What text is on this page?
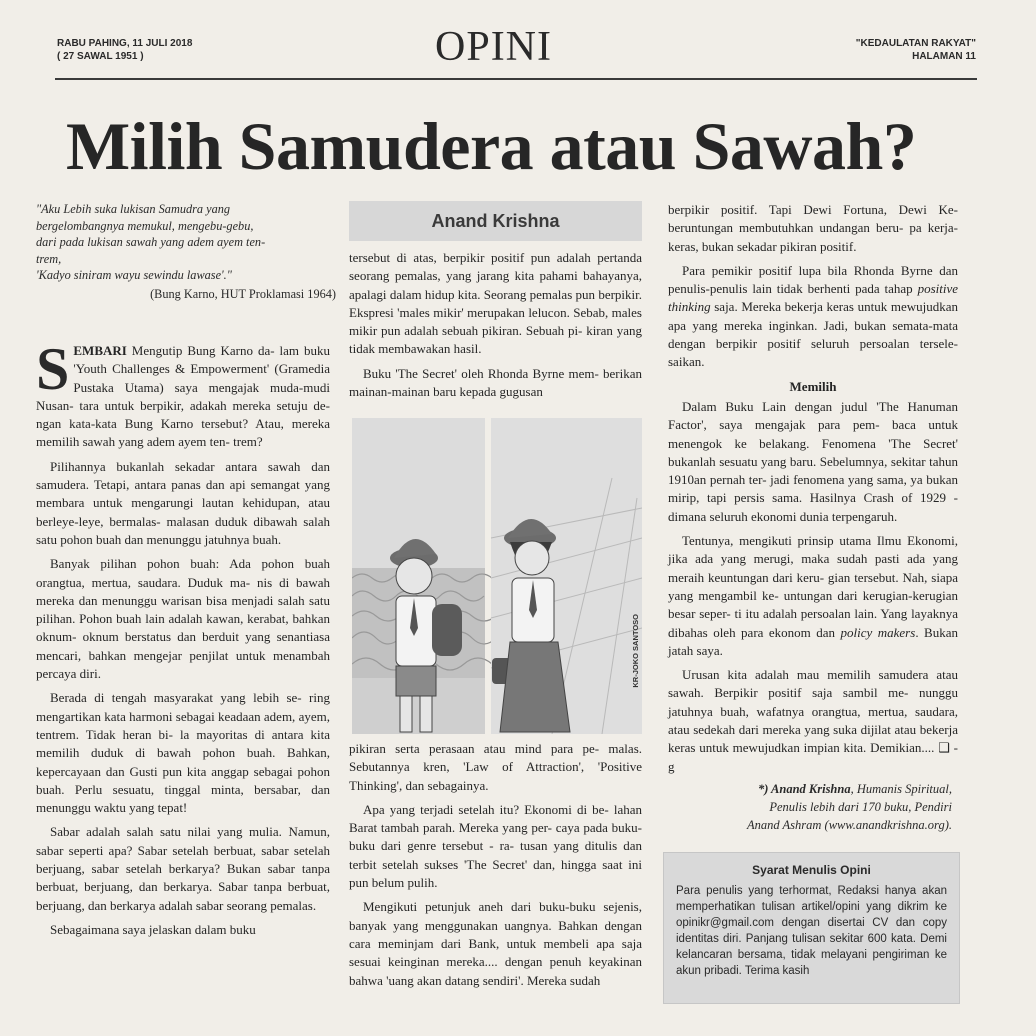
RABU PAHING, 11 JULI 2018
( 27 SAWAL 1951 )	OPINI	"KEDAULATAN RAKYAT"
HALAMAN 11
Milih Samudera atau Sawah?
"Aku Lebih suka lukisan Samudra yang
bergelombangnya memukul, mengebu-gebu,
dari pada lukisan sawah yang adem ayem ten-
trem,
'Kadyo siniram wayu sewindu lawase'."
(Bung Karno, HUT Proklamasi 1964)

SEMBARI Mengutip Bung Karno da- lam buku 'Youth Challenges & Empowerment' (Gramedia Pustaka Utama) saya mengajak muda-mudi Nusan- tara untuk berpikir, adakah mereka setuju de- ngan kata-kata Bung Karno tersebut? Atau, mereka memilih sawah yang adem ayem ten- trem?

Pilihannya bukanlah sekadar antara sawah dan samudera. Tetapi, antara panas dan api semangat yang membara untuk mengarungi lautan kehidupan, atau berleye-leye, bermalas- malasan duduk dibawah salah satu pohon buah dan menunggu jatuhnya buah.

Banyak pilihan pohon buah: Ada pohon buah orangtua, mertua, saudara. Duduk ma- nis di bawah mereka dan menunggu warisan bisa menjadi salah satu pilihan. Pohon buah lain adalah kawan, kerabat, bahkan oknum- oknum berstatus dan berduit yang senantiasa mencari, bahkan mengejar penjilat untuk menambah percaya diri.

Berada di tengah masyarakat yang lebih se- ring mengartikan kata harmoni sebagai keadaan adem, ayem, tentrem. Tidak heran bi- la mayoritas di antara kita memilih duduk di bawah pohon buah. Bahkan, kepercayaan dan Gusti pun kita anggap sebagai pohon buah. Perlu sesuatu, tinggal minta, bersabar, dan menunggu waktu yang tepat!

Sabar adalah salah satu nilai yang mulia. Namun, sabar seperti apa? Sabar setelah berbuat, sabar setelah berjuang, sabar setelah berkarya? Bukan sabar tanpa berbuat, berjuang, dan berkarya. Sabar tanpa berbuat, berjuang, dan berkarya adalah sabar seorang pemalas.

Sebagaimana saya jelaskan dalam buku

Anand Krishna

tersebut di atas, berpikir positif pun adalah pertanda seorang pemalas, yang jarang kita pahami bahayanya, apalagi dalam hidup kita. Seorang pemalas pun berpikir. Ekspresi 'males mikir' merupakan lelucon. Sebab, males mikir pun adalah sebuah pikiran. Sebuah pi- kiran yang tidak membawakan hasil.

Buku 'The Secret' oleh Rhonda Byrne mem- berikan mainan-mainan baru kepada gugusan

KR-JOKO SANTOSO

pikiran serta perasaan atau mind para pe- malas. Sebutannya kren, 'Law of Attraction', 'Positive Thinking', dan sebagainya.

Apa yang terjadi setelah itu? Ekonomi di be- lahan Barat tambah parah. Mereka yang per- caya pada buku-buku dari genre tersebut - ra- tusan yang ditulis dan terbit setelah sukses 'The Secret' dan, hingga saat ini pun belum pulih.

Mengikuti petunjuk aneh dari buku-buku sejenis, banyak yang menggunakan uangnya. Bahkan dengan cara meminjam dari Bank, untuk membeli apa saja sesuai keinginan mereka.... dengan penuh keyakinan bahwa 'uang akan datang sendiri'. Mereka sudah

berpikir positif. Tapi Dewi Fortuna, Dewi Ke- beruntungan membutuhkan undangan beru- pa kerja-keras, bukan sekadar pikiran positif.

Para pemikir positif lupa bila Rhonda Byrne dan penulis-penulis lain tidak berhenti pada tahap positive thinking saja. Mereka bekerja keras untuk mewujudkan apa yang mereka inginkan. Jadi, bukan semata-mata dengan berpikir positif seluruh persoalan tersele- saikan.

Memilih

Dalam Buku Lain dengan judul 'The Hanuman Factor', saya mengajak para pem- baca untuk menengok ke belakang. Fenomena 'The Secret' bukanlah sesuatu yang baru. Sebelumnya, sekitar tahun 1910an pernah ter- jadi fenomena yang sama, ya bukan mirip, tapi persis sama. Hasilnya Crash of 1929 - dimana seluruh ekonomi dunia terpengaruh.

Tentunya, mengikuti prinsip utama Ilmu Ekonomi, jika ada yang merugi, maka sudah pasti ada yang meraih keuntungan dari keru- gian tersebut. Nah, siapa yang mengambil ke- untungan dari kerugian-kerugian besar seper- ti itu adalah persoalan lain. Yang layaknya dibahas oleh para ekonom dan policy makers. Bukan jatah saya.

Urusan kita adalah mau memilih samudera atau sawah. Berpikir positif saja sambil me- nunggu jatuhnya buah, wafatnya orangtua, mertua, saudara, atau sedekah dari mereka yang suka dijilat atau bekerja keras untuk mewujudkan impian kita. Demikian.... ❑ - g

*) Anand Krishna, Humanis Spiritual,
Penulis lebih dari 170 buku, Pendiri
Anand Ashram (www.anandkrishna.org).
Syarat Menulis Opini
Para penulis yang terhormat, Redaksi hanya akan memperhatikan tulisan artikel/opini yang dikrim ke opinikr@gmail.com dengan disertai CV dan copy identitas diri. Panjang tulisan sekitar 600 kata. Demi kelancaran bersama, tidak melayani pengiriman ke akun pribadi. Terima kasih
